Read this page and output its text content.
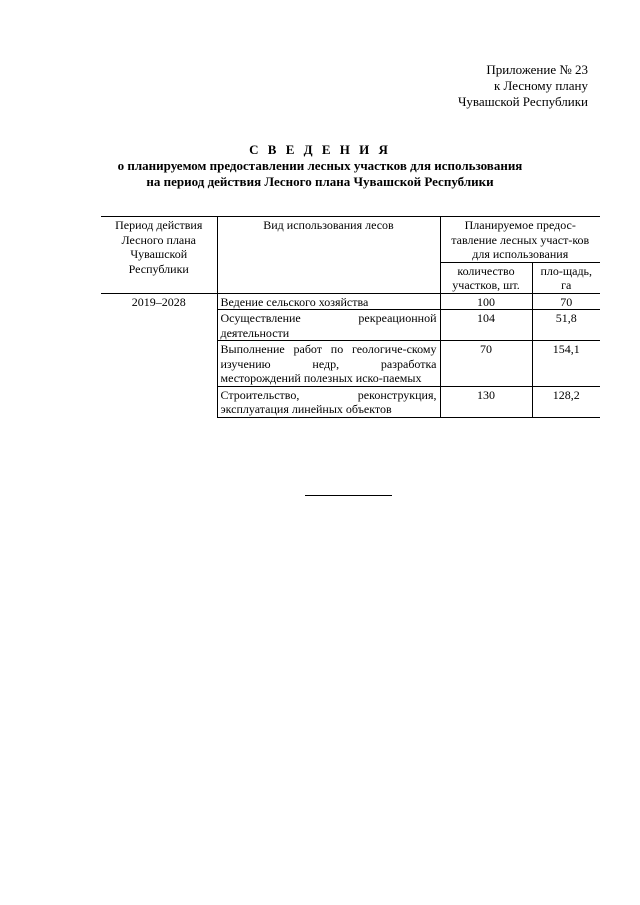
Приложение № 23
к Лесному плану
Чувашской Республики
С В Е Д Е Н И Я
о планируемом предоставлении лесных участков для использования
на период действия Лесного плана Чувашской Республики
Период действия Лесного плана Чувашской Республики	Вид использования лесов	Планируемое предос-тавление лесных участ-ков для использования	
		количество участков, шт.	пло-щадь, га
2019–2028	Ведение сельского хозяйства	100	70
	Осуществление рекреационной деятельности	104	51,8
	Выполнение работ по геологиче-скому изучению недр, разработка месторождений полезных иско-паемых	70	154,1
	Строительство, реконструкция, эксплуатация линейных объектов	130	128,2
